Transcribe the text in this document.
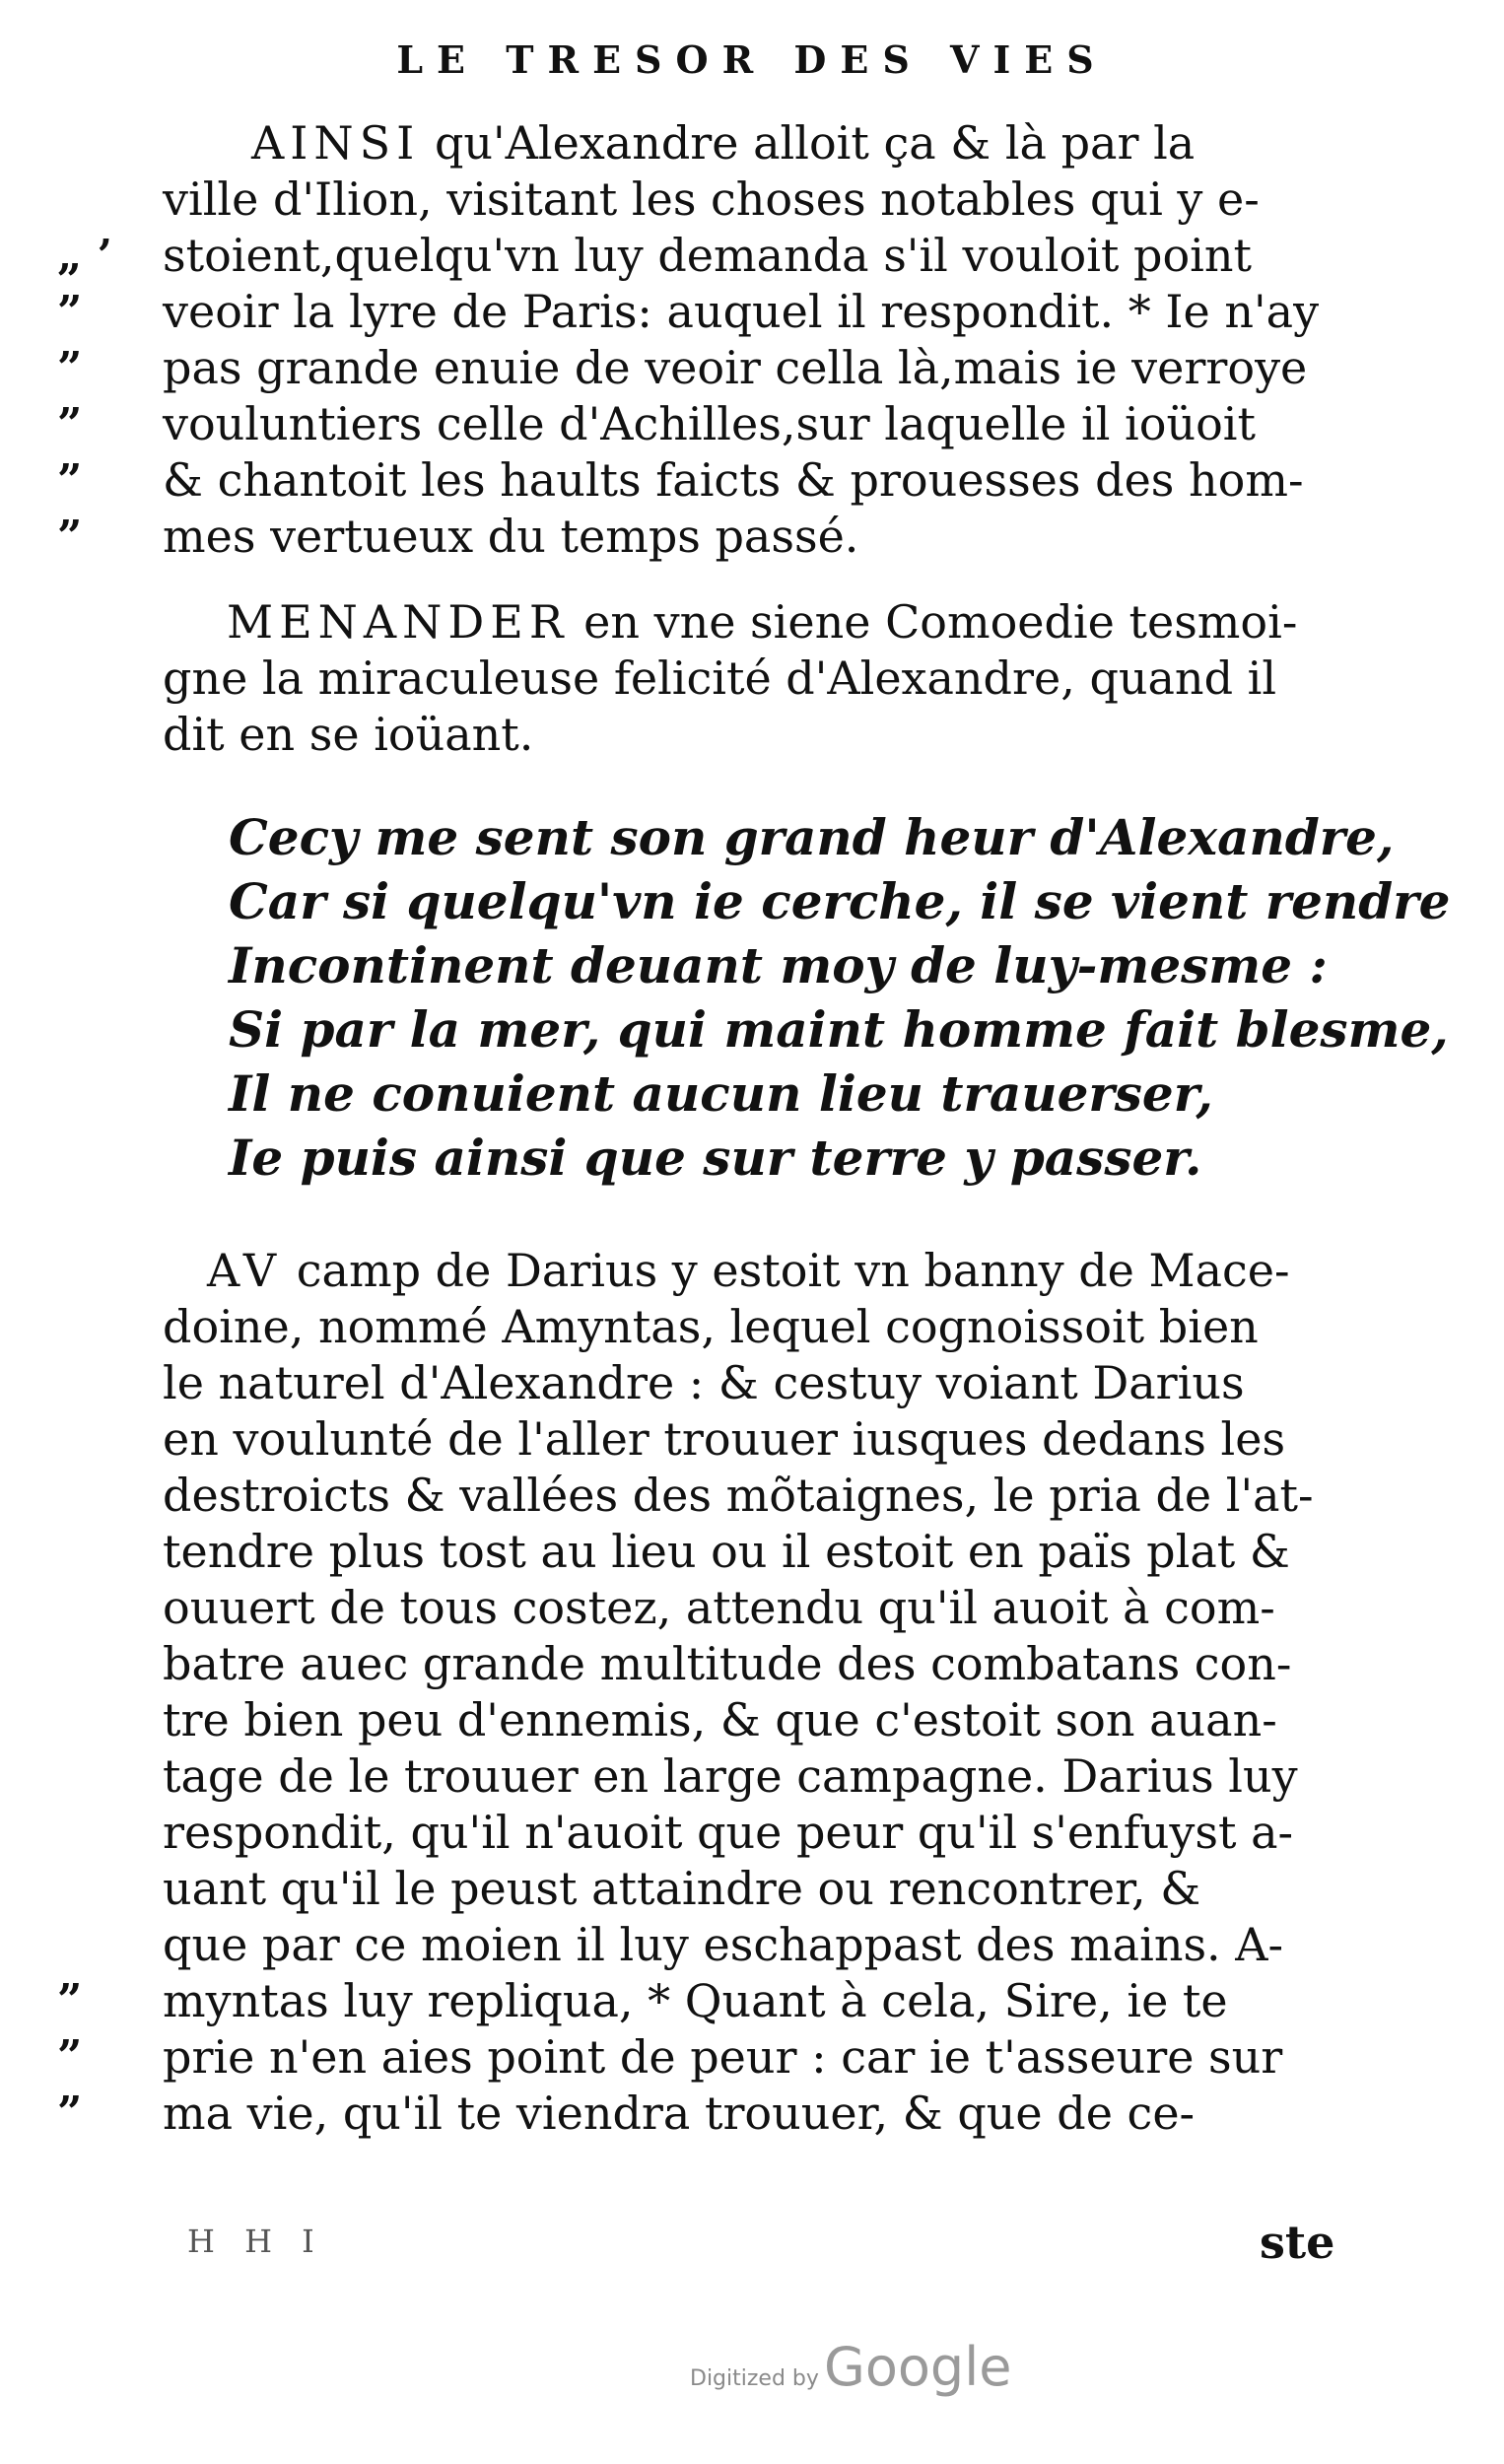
LE TRESOR DES VIES
AINSI qu'Alexandre alloit ça & là par la
ville d'Ilion, visitant les choses notables qui y e-
stoient,quelqu'vn luy demanda s'il vouloit point
veoir la lyre de Paris: auquel il respondit. * Ie n'ay
pas grande enuie de veoir cella là,mais ie verroye
vouluntiers celle d'Achilles,sur laquelle il ioüoit
& chantoit les haults faicts & prouesses des hom-
mes vertueux du temps passé.
MENANDER en vne siene Comoedie tesmoi-
gne la miraculeuse felicité d'Alexandre, quand il
dit en se ioüant.
Cecy me sent son grand heur d'Alexandre,
Car si quelqu'vn ie cerche, il se vient rendre
Incontinent deuant moy de luy-mesme :
Si par la mer, qui maint homme fait blesme,
Il ne conuient aucun lieu trauerser,
Ie puis ainsi que sur terre y passer.
AV camp de Darius y estoit vn banny de Mace-
doine, nommé Amyntas, lequel cognoissoit bien
le naturel d'Alexandre : & cestuy voiant Darius
en voulunté de l'aller trouuer iusques dedans les
destroicts & vallées des mõtaignes, le pria de l'at-
tendre plus tost au lieu ou il estoit en païs plat &
ouuert de tous costez, attendu qu'il auoit à com-
batre auec grande multitude des combatans con-
tre bien peu d'ennemis, & que c'estoit son auan-
tage de le trouuer en large campagne. Darius luy
respondit, qu'il n'auoit que peur qu'il s'enfuyst a-
uant qu'il le peust attaindre ou rencontrer, &
que par ce moien il luy eschappast des mains. A-
myntas luy repliqua, * Quant à cela, Sire, ie te
prie n'en aies point de peur : car ie t'asseure sur
ma vie, qu'il te viendra trouuer, & que de ce-
„ ’
”
”
”
”
”
”
”
”
H H I	ste
Digitized by Google
